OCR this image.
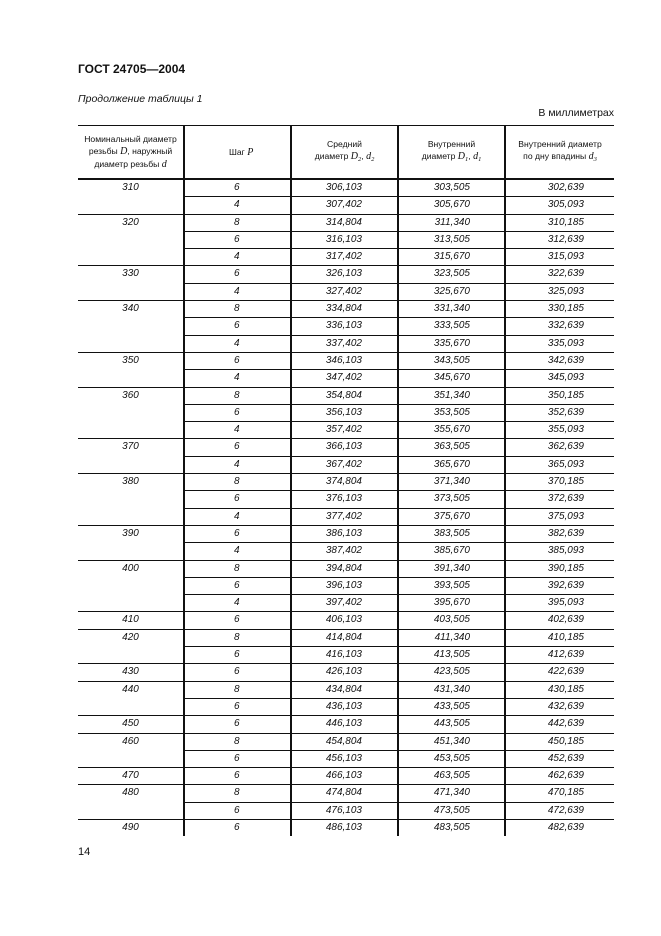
ГОСТ 24705—2004
Продолжение таблицы 1
В миллиметрах
Номинальный диаметр
резьбы D, наружный
диаметр резьбы d	Шаг P	Средний
диаметр $D_2$, $d_2$	Внутренний
диаметр $D_1$, $d_1$	Внутренний диаметр
по дну впадины $d_3$
310	6	306,103	303,505	302,639
	4	307,402	305,670	305,093
320	8	314,804	311,340	310,185
	6	316,103	313,505	312,639
	4	317,402	315,670	315,093
330	6	326,103	323,505	322,639
	4	327,402	325,670	325,093
340	8	334,804	331,340	330,185
	6	336,103	333,505	332,639
	4	337,402	335,670	335,093
350	6	346,103	343,505	342,639
	4	347,402	345,670	345,093
360	8	354,804	351,340	350,185
	6	356,103	353,505	352,639
	4	357,402	355,670	355,093
370	6	366,103	363,505	362,639
	4	367,402	365,670	365,093
380	8	374,804	371,340	370,185
	6	376,103	373,505	372,639
	4	377,402	375,670	375,093
390	6	386,103	383,505	382,639
	4	387,402	385,670	385,093
400	8	394,804	391,340	390,185
	6	396,103	393,505	392,639
	4	397,402	395,670	395,093
410	6	406,103	403,505	402,639
420	8	414,804	411,340	410,185
	6	416,103	413,505	412,639
430	6	426,103	423,505	422,639
440	8	434,804	431,340	430,185
	6	436,103	433,505	432,639
450	6	446,103	443,505	442,639
460	8	454,804	451,340	450,185
	6	456,103	453,505	452,639
470	6	466,103	463,505	462,639
480	8	474,804	471,340	470,185
	6	476,103	473,505	472,639
490	6	486,103	483,505	482,639
14
